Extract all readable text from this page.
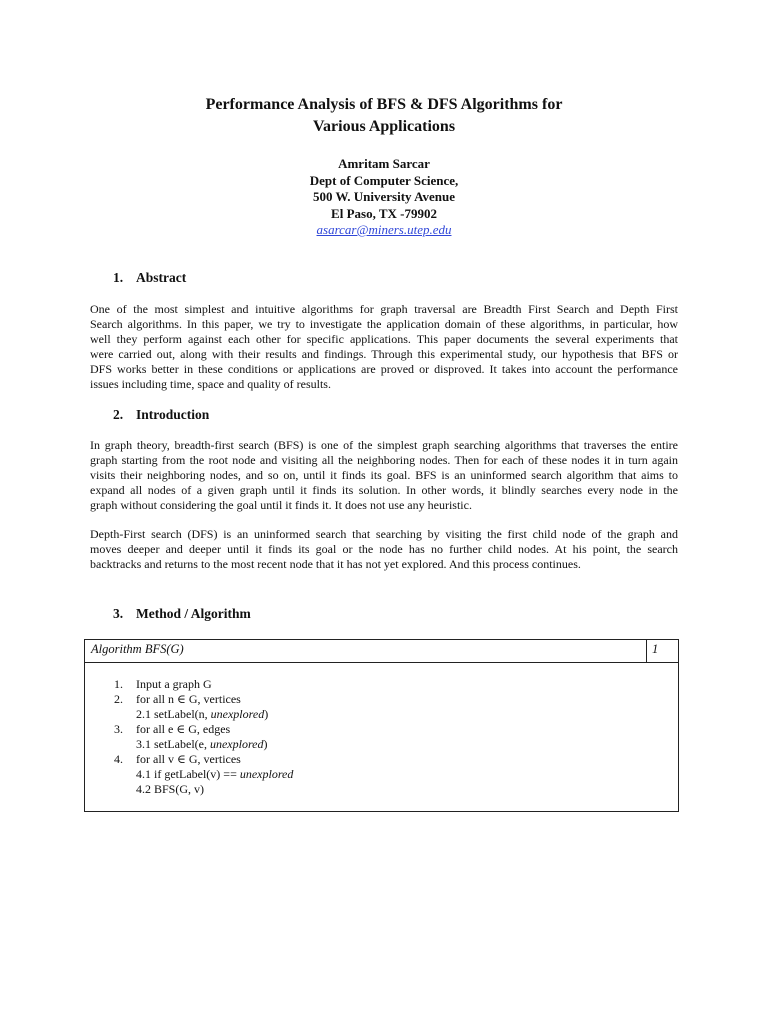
Performance Analysis of BFS & DFS Algorithms for
Various Applications
Amritam Sarcar
Dept of Computer Science,
500 W. University Avenue
El Paso, TX -79902
asarcar@miners.utep.edu
1. Abstract
One of the most simplest and intuitive algorithms for graph traversal are Breadth First Search and Depth First
Search algorithms. In this paper, we try to investigate the application domain of these algorithms, in particular, how
well they perform against each other for specific applications. This paper documents the several experiments that
were carried out, along with their results and findings. Through this experimental study, our hypothesis that BFS or
DFS works better in these conditions or applications are proved or disproved. It takes into account the performance
issues including time, space and quality of results.
2. Introduction
In graph theory, breadth-first search (BFS) is one of the simplest graph searching algorithms that traverses the entire
graph starting from the root node and visiting all the neighboring nodes. Then for each of these nodes it in turn again
visits their neighboring nodes, and so on, until it finds its goal. BFS is an uninformed search algorithm that aims to
expand all nodes of a given graph until it finds its solution. In other words, it blindly searches every node in the
graph without considering the goal until it finds it. It does not use any heuristic.
Depth-First search (DFS) is an uninformed search that searching by visiting the first child node of the graph and
moves deeper and deeper until it finds its goal or the node has no further child nodes. At his point, the search
backtracks and returns to the most recent node that it has not yet explored. And this process continues.
3. Method / Algorithm
Algorithm BFS(G)	1
1. Input a graph G
2. for all n ∈ G, vertices
2.1 setLabel(n, unexplored)
3. for all e ∈ G, edges
3.1 setLabel(e, unexplored)
4. for all v ∈ G, vertices
4.1 if getLabel(v) == unexplored
4.2 BFS(G, v)
